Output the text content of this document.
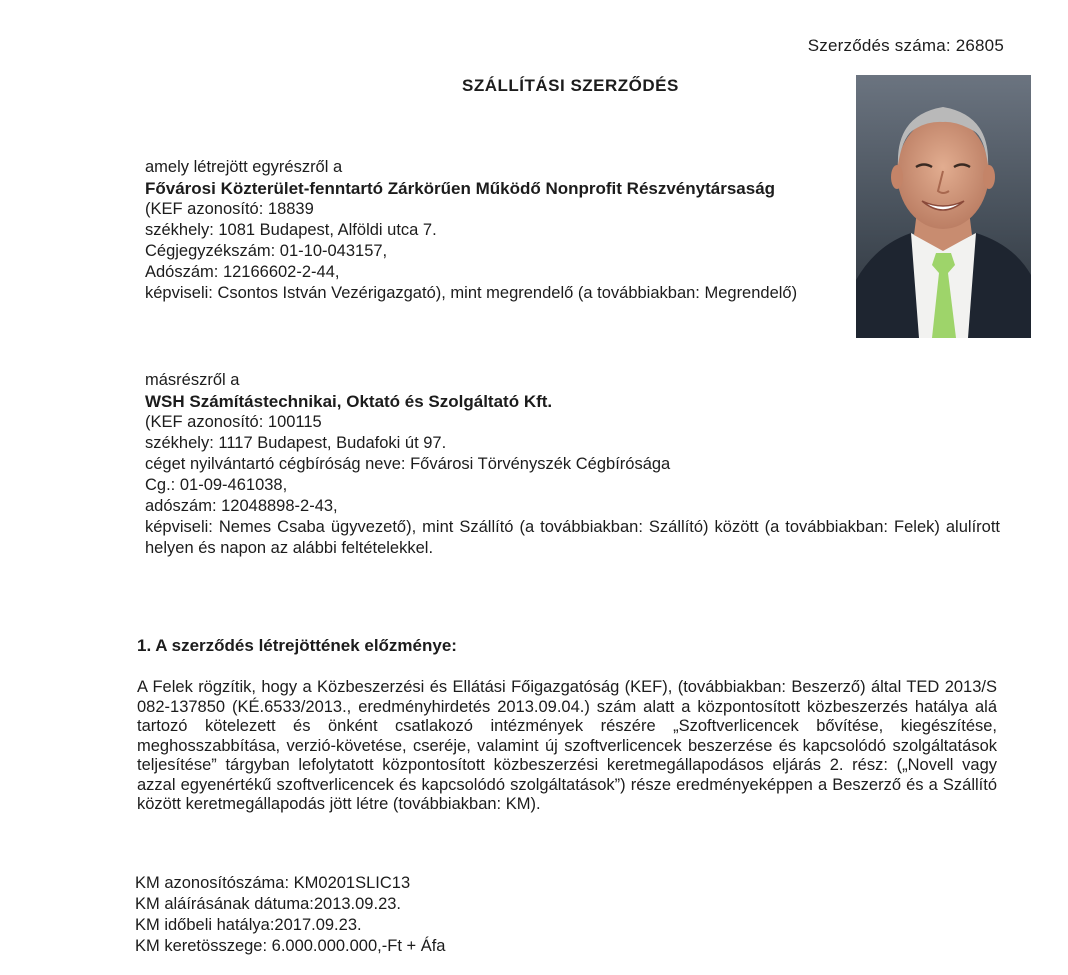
Szerződés száma: 26805
SZÁLLÍTÁSI SZERZŐDÉS
amely létrejött egyrészről a
Fővárosi Közterület-fenntartó Zárkörűen Működő Nonprofit Részvénytársaság
(KEF azonosító: 18839
székhely: 1081 Budapest, Alföldi utca 7.
Cégjegyzékszám: 01-10-043157,
Adószám: 12166602-2-44,
képviseli: Csontos István Vezérigazgató), mint megrendelő (a továbbiakban: Megrendelő)
másrészről a
WSH Számítástechnikai, Oktató és Szolgáltató Kft.
(KEF azonosító: 100115
székhely: 1117 Budapest, Budafoki út 97.
céget nyilvántartó cégbíróság neve: Fővárosi Törvényszék Cégbírósága
Cg.: 01-09-461038,
adószám: 12048898-2-43,
képviseli: Nemes Csaba ügyvezető), mint Szállító (a továbbiakban: Szállító) között (a továbbiakban: Felek) alulírott helyen és napon az alábbi feltételekkel.
1. A szerződés létrejöttének előzménye:
A Felek rögzítik, hogy a Közbeszerzési és Ellátási Főigazgatóság (KEF), (továbbiakban: Beszerző) által TED 2013/S 082-137850 (KÉ.6533/2013., eredményhirdetés 2013.09.04.) szám alatt a központosított közbeszerzés hatálya alá tartozó kötelezett és önként csatlakozó intézmények részére „Szoftverlicencek bővítése, kiegészítése, meghosszabbítása, verzió-követése, cseréje, valamint új szoftverlicencek beszerzése és kapcsolódó szolgáltatások teljesítése” tárgyban lefolytatott központosított közbeszerzési keretmegállapodásos eljárás 2. rész: („Novell vagy azzal egyenértékű szoftverlicencek és kapcsolódó szolgáltatások”) része eredményeképpen a Beszerző és a Szállító között keretmegállapodás jött létre (továbbiakban: KM).
KM azonosítószáma: KM0201SLIC13
KM aláírásának dátuma:2013.09.23.
KM időbeli hatálya:2017.09.23.
KM keretösszege: 6.000.000.000,-Ft + Áfa
